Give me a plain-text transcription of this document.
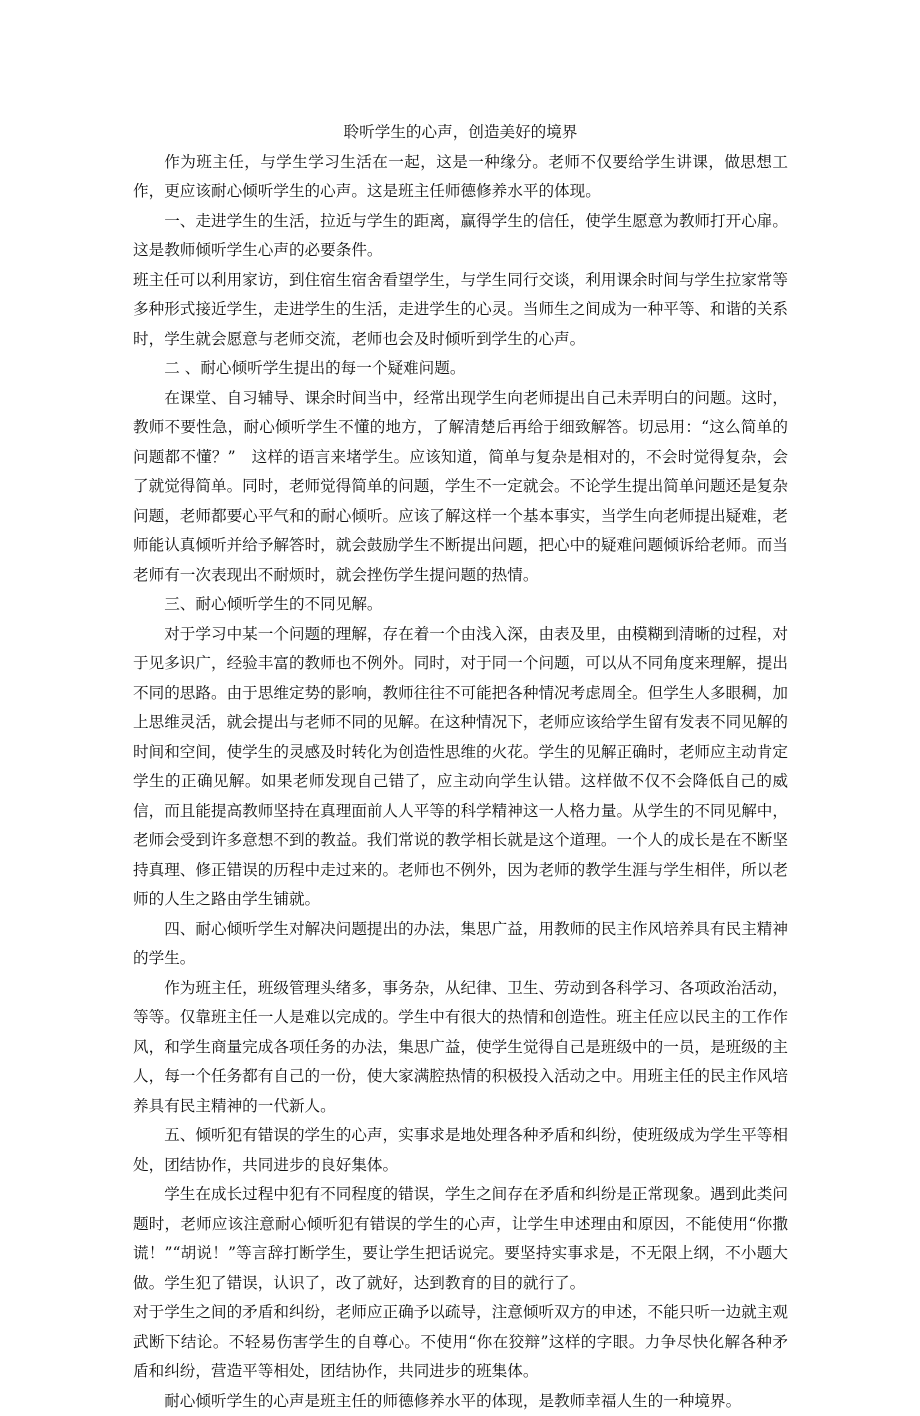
聆听学生的心声，创造美好的境界

作为班主任，与学生学习生活在一起，这是一种缘分。老师不仅要给学生讲课，做思想工作，更应该耐心倾听学生的心声。这是班主任师德修养水平的体现。

一、走进学生的生活，拉近与学生的距离，赢得学生的信任，使学生愿意为教师打开心扉。这是教师倾听学生心声的必要条件。

班主任可以利用家访，到住宿生宿舍看望学生，与学生同行交谈，利用课余时间与学生拉家常等多种形式接近学生，走进学生的生活，走进学生的心灵。当师生之间成为一种平等、和谐的关系时，学生就会愿意与老师交流，老师也会及时倾听到学生的心声。

二 、耐心倾听学生提出的每一个疑难问题。

在课堂、自习辅导、课余时间当中，经常出现学生向老师提出自己未弄明白的问题。这时，教师不要性急，耐心倾听学生不懂的地方，了解清楚后再给于细致解答。切忌用：“这么简单的问题都不懂？”　这样的语言来堵学生。应该知道，简单与复杂是相对的，不会时觉得复杂，会了就觉得简单。同时，老师觉得简单的问题，学生不一定就会。不论学生提出简单问题还是复杂问题，老师都要心平气和的耐心倾听。应该了解这样一个基本事实，当学生向老师提出疑难，老师能认真倾听并给予解答时，就会鼓励学生不断提出问题，把心中的疑难问题倾诉给老师。而当老师有一次表现出不耐烦时，就会挫伤学生提问题的热情。

三、耐心倾听学生的不同见解。

对于学习中某一个问题的理解，存在着一个由浅入深，由表及里，由模糊到清晰的过程，对于见多识广，经验丰富的教师也不例外。同时，对于同一个问题，可以从不同角度来理解，提出不同的思路。由于思维定势的影响，教师往往不可能把各种情况考虑周全。但学生人多眼稠，加上思维灵活，就会提出与老师不同的见解。在这种情况下，老师应该给学生留有发表不同见解的时间和空间，使学生的灵感及时转化为创造性思维的火花。学生的见解正确时，老师应主动肯定学生的正确见解。如果老师发现自己错了，应主动向学生认错。这样做不仅不会降低自己的威信，而且能提高教师坚持在真理面前人人平等的科学精神这一人格力量。从学生的不同见解中，老师会受到许多意想不到的教益。我们常说的教学相长就是这个道理。一个人的成长是在不断坚持真理、修正错误的历程中走过来的。老师也不例外，因为老师的教学生涯与学生相伴，所以老师的人生之路由学生铺就。

四、耐心倾听学生对解决问题提出的办法，集思广益，用教师的民主作风培养具有民主精神的学生。

作为班主任，班级管理头绪多，事务杂，从纪律、卫生、劳动到各科学习、各项政治活动，等等。仅靠班主任一人是难以完成的。学生中有很大的热情和创造性。班主任应以民主的工作作风，和学生商量完成各项任务的办法，集思广益，使学生觉得自己是班级中的一员，是班级的主人，每一个任务都有自己的一份，使大家满腔热情的积极投入活动之中。用班主任的民主作风培养具有民主精神的一代新人。

五、倾听犯有错误的学生的心声，实事求是地处理各种矛盾和纠纷，使班级成为学生平等相处，团结协作，共同进步的良好集体。

学生在成长过程中犯有不同程度的错误，学生之间存在矛盾和纠纷是正常现象。遇到此类问题时，老师应该注意耐心倾听犯有错误的学生的心声，让学生申述理由和原因，不能使用“你撒谎！”“胡说！”等言辞打断学生，要让学生把话说完。要坚持实事求是，不无限上纲，不小题大做。学生犯了错误，认识了，改了就好，达到教育的目的就行了。

对于学生之间的矛盾和纠纷，老师应正确予以疏导，注意倾听双方的申述，不能只听一边就主观武断下结论。不轻易伤害学生的自尊心。不使用“你在狡辩”这样的字眼。力争尽快化解各种矛盾和纠纷，营造平等相处，团结协作，共同进步的班集体。

耐心倾听学生的心声是班主任的师德修养水平的体现，是教师幸福人生的一种境界。
